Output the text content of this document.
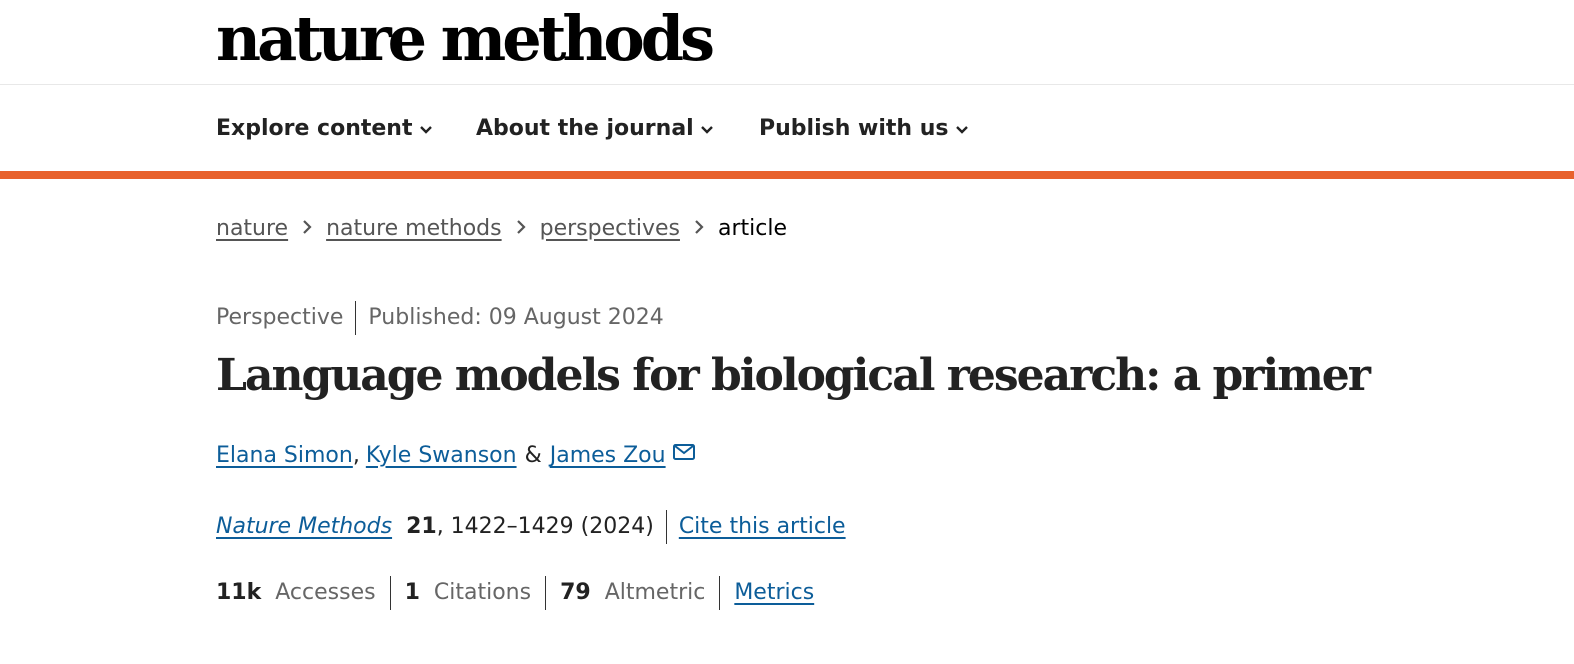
nature methods
Explore content	About the journal	Publish with us
nature nature methods perspectives article
Perspective Published: 09 August 2024
Language models for biological research: a primer
Elana Simon , Kyle Swanson & James Zou
Nature Methods 21 , 1422–1429 (2024) Cite this article
11k Accesses 1 Citations 79 Altmetric Metrics
